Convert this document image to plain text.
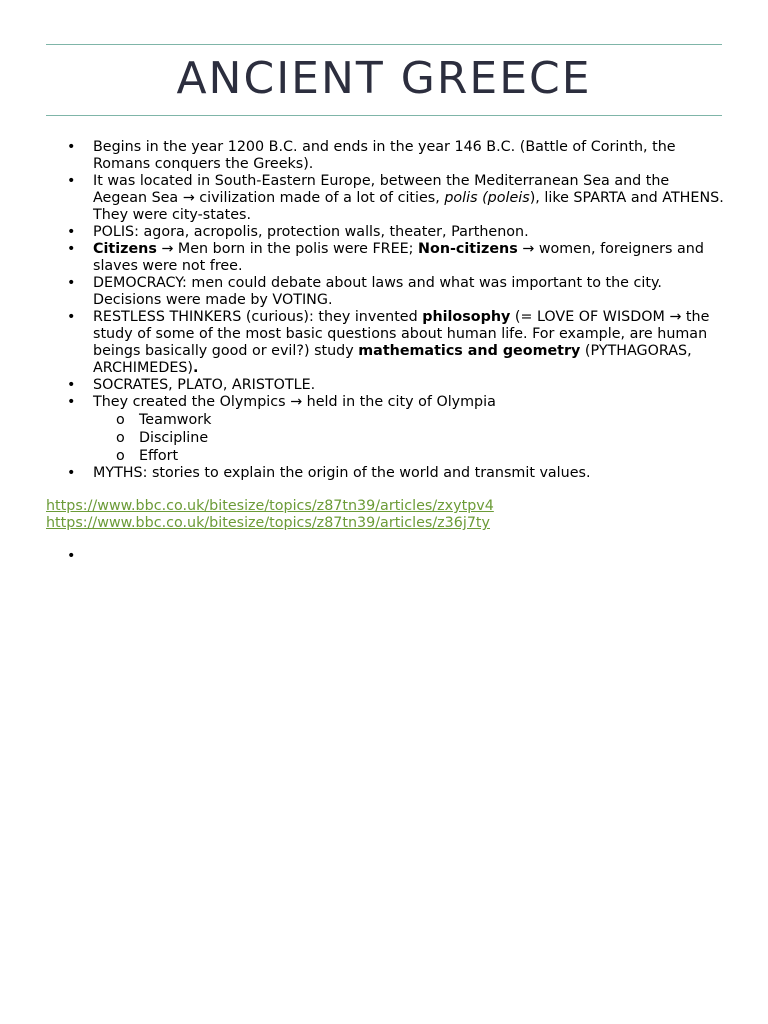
ANCIENT GREECE
• Begins in the year 1200 B.C. and ends in the year 146 B.C. (Battle of Corinth, the Romans conquers the Greeks).
• It was located in South-Eastern Europe, between the Mediterranean Sea and the Aegean Sea → civilization made of a lot of cities, polis (poleis), like SPARTA and ATHENS. They were city-states.
• POLIS: agora, acropolis, protection walls, theater, Parthenon.
• Citizens → Men born in the polis were FREE; Non-citizens → women, foreigners and slaves were not free.
• DEMOCRACY: men could debate about laws and what was important to the city. Decisions were made by VOTING.
• RESTLESS THINKERS (curious): they invented philosophy (= LOVE OF WISDOM → the study of some of the most basic questions about human life. For example, are human beings basically good or evil?) study mathematics and geometry (PYTHAGORAS, ARCHIMEDES).
• SOCRATES, PLATO, ARISTOTLE.
• They created the Olympics → held in the city of Olympia
o Teamwork
o Discipline
o Effort
• MYTHS: stories to explain the origin of the world and transmit values.
https://www.bbc.co.uk/bitesize/topics/z87tn39/articles/zxytpv4
https://www.bbc.co.uk/bitesize/topics/z87tn39/articles/z36j7ty
•
